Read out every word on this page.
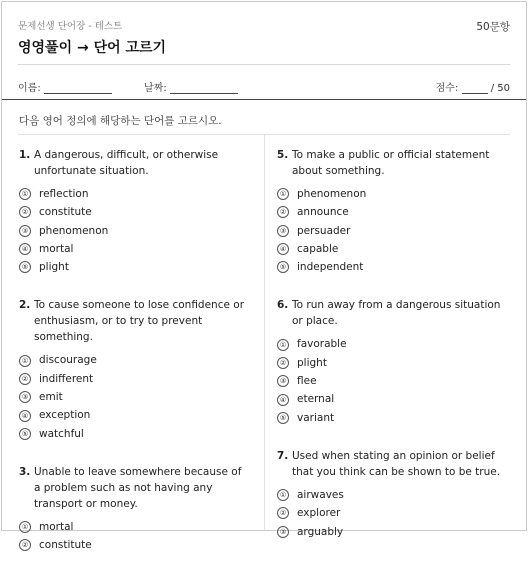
문제선생 단어장 - 테스트
영영풀이 → 단어 고르기
50문항
이름:	날짜:	점수:	/ 50
다음 영어 정의에 해당하는 단어를 고르시오.
1. A dangerous, difficult, or otherwise unfortunate situation.
① reflection
② constitute
③ phenomenon
④ mortal
⑤ plight
2. To cause someone to lose confidence or enthusiasm, or to try to prevent something.
① discourage
② indifferent
③ emit
④ exception
⑤ watchful
3. Unable to leave somewhere because of a problem such as not having any transport or money.
① mortal
② constitute
5. To make a public or official statement about something.
① phenomenon
② announce
③ persuader
④ capable
⑤ independent
6. To run away from a dangerous situation or place.
① favorable
② plight
③ flee
④ eternal
⑤ variant
7. Used when stating an opinion or belief that you think can be shown to be true.
① airwaves
② explorer
③ arguably
